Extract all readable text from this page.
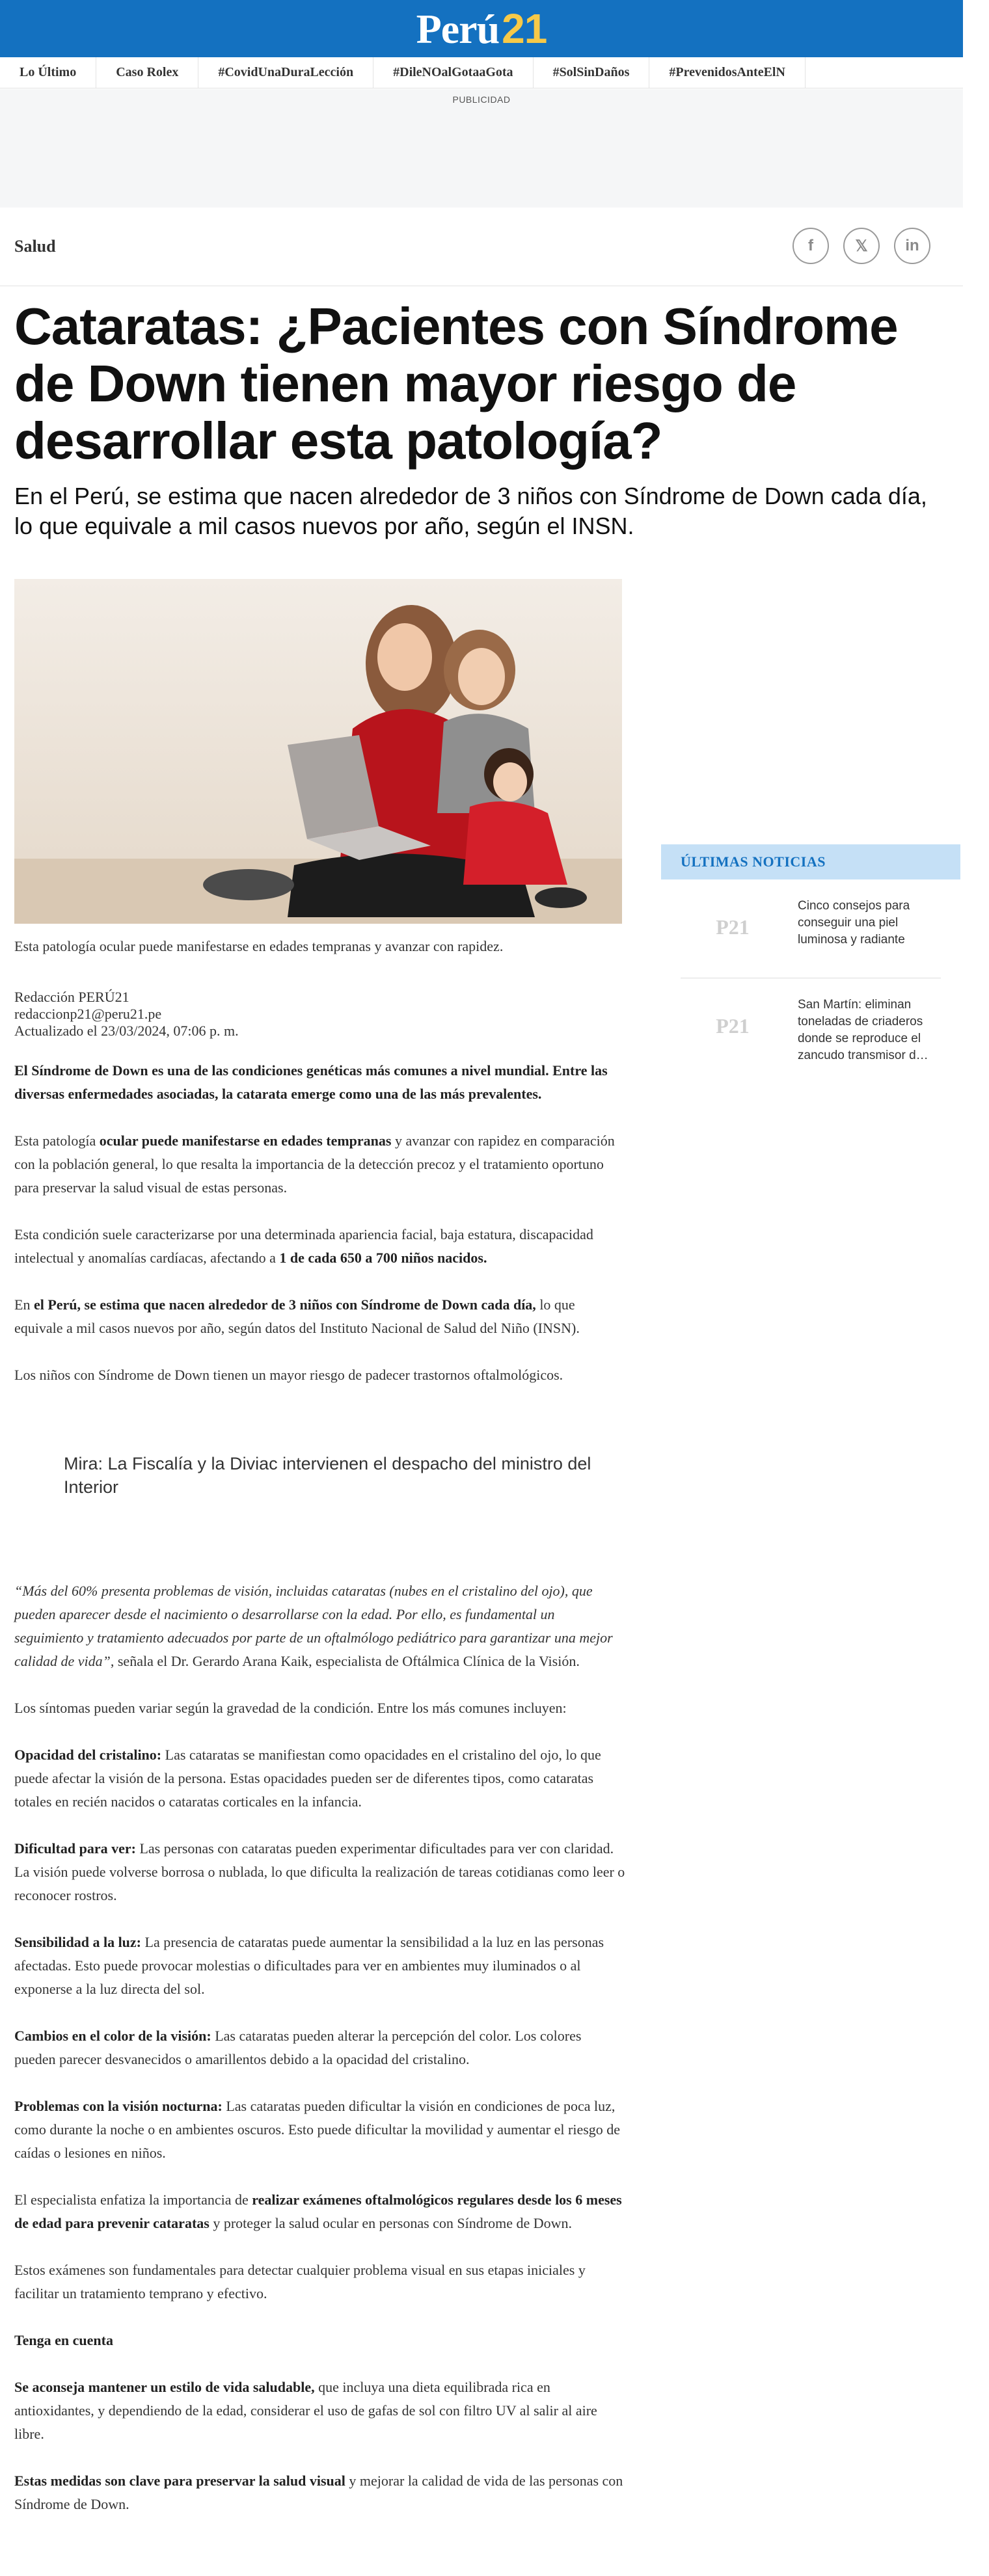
Perú 21
Lo Último	Caso Rolex	#CovidUnaDuraLección	#DileNOalGotaaGota	#SolSinDaños	#PrevenidosAnteElN
PUBLICIDAD
Salud	f	𝕏 in
Cataratas: ¿Pacientes con Síndrome de Down tienen mayor riesgo de desarrollar esta patología?

En el Perú, se estima que nacen alrededor de 3 niños con Síndrome de Down cada día, lo que equivale a mil casos nuevos por año, según el INSN.

Esta patología ocular puede manifestarse en edades tempranas y avanzar con rapidez.
Redacción PERÚ21
redaccionp21@peru21.pe
Actualizado el 23/03/2024, 07:06 p. m.

El Síndrome de Down es una de las condiciones genéticas más comunes a nivel mundial. Entre las diversas enfermedades asociadas, la catarata emerge como una de las más prevalentes.

Esta patología ocular puede manifestarse en edades tempranas y avanzar con rapidez en comparación con la población general, lo que resalta la importancia de la detección precoz y el tratamiento oportuno para preservar la salud visual de estas personas.

Esta condición suele caracterizarse por una determinada apariencia facial, baja estatura, discapacidad intelectual y anomalías cardíacas, afectando a 1 de cada 650 a 700 niños nacidos.

En el Perú, se estima que nacen alrededor de 3 niños con Síndrome de Down cada día, lo que equivale a mil casos nuevos por año, según datos del Instituto Nacional de Salud del Niño (INSN).

Los niños con Síndrome de Down tienen un mayor riesgo de padecer trastornos oftalmológicos.

Mira: La Fiscalía y la Diviac intervienen el despacho del ministro del Interior

“Más del 60% presenta problemas de visión, incluidas cataratas (nubes en el cristalino del ojo), que pueden aparecer desde el nacimiento o desarrollarse con la edad. Por ello, es fundamental un seguimiento y tratamiento adecuados por parte de un oftalmólogo pediátrico para garantizar una mejor calidad de vida”, señala el Dr. Gerardo Arana Kaik, especialista de Oftálmica Clínica de la Visión.

Los síntomas pueden variar según la gravedad de la condición. Entre los más comunes incluyen:

Opacidad del cristalino: Las cataratas se manifiestan como opacidades en el cristalino del ojo, lo que puede afectar la visión de la persona. Estas opacidades pueden ser de diferentes tipos, como cataratas totales en recién nacidos o cataratas corticales en la infancia.

Dificultad para ver: Las personas con cataratas pueden experimentar dificultades para ver con claridad. La visión puede volverse borrosa o nublada, lo que dificulta la realización de tareas cotidianas como leer o reconocer rostros.

Sensibilidad a la luz: La presencia de cataratas puede aumentar la sensibilidad a la luz en las personas afectadas. Esto puede provocar molestias o dificultades para ver en ambientes muy iluminados o al exponerse a la luz directa del sol.

Cambios en el color de la visión: Las cataratas pueden alterar la percepción del color. Los colores pueden parecer desvanecidos o amarillentos debido a la opacidad del cristalino.

Problemas con la visión nocturna: Las cataratas pueden dificultar la visión en condiciones de poca luz, como durante la noche o en ambientes oscuros. Esto puede dificultar la movilidad y aumentar el riesgo de caídas o lesiones en niños.

El especialista enfatiza la importancia de realizar exámenes oftalmológicos regulares desde los 6 meses de edad para prevenir cataratas y proteger la salud ocular en personas con Síndrome de Down.

Estos exámenes son fundamentales para detectar cualquier problema visual en sus etapas iniciales y facilitar un tratamiento temprano y efectivo.

Tenga en cuenta

Se aconseja mantener un estilo de vida saludable, que incluya una dieta equilibrada rica en antioxidantes, y dependiendo de la edad, considerar el uso de gafas de sol con filtro UV al salir al aire libre.

Estas medidas son clave para preservar la salud visual y mejorar la calidad de vida de las personas con Síndrome de Down.

ÚLTIMAS NOTICIAS
P21
Cinco consejos para conseguir una piel luminosa y radiante
P21
San Martín: eliminan toneladas de criaderos donde se reproduce el zancudo transmisor d…
